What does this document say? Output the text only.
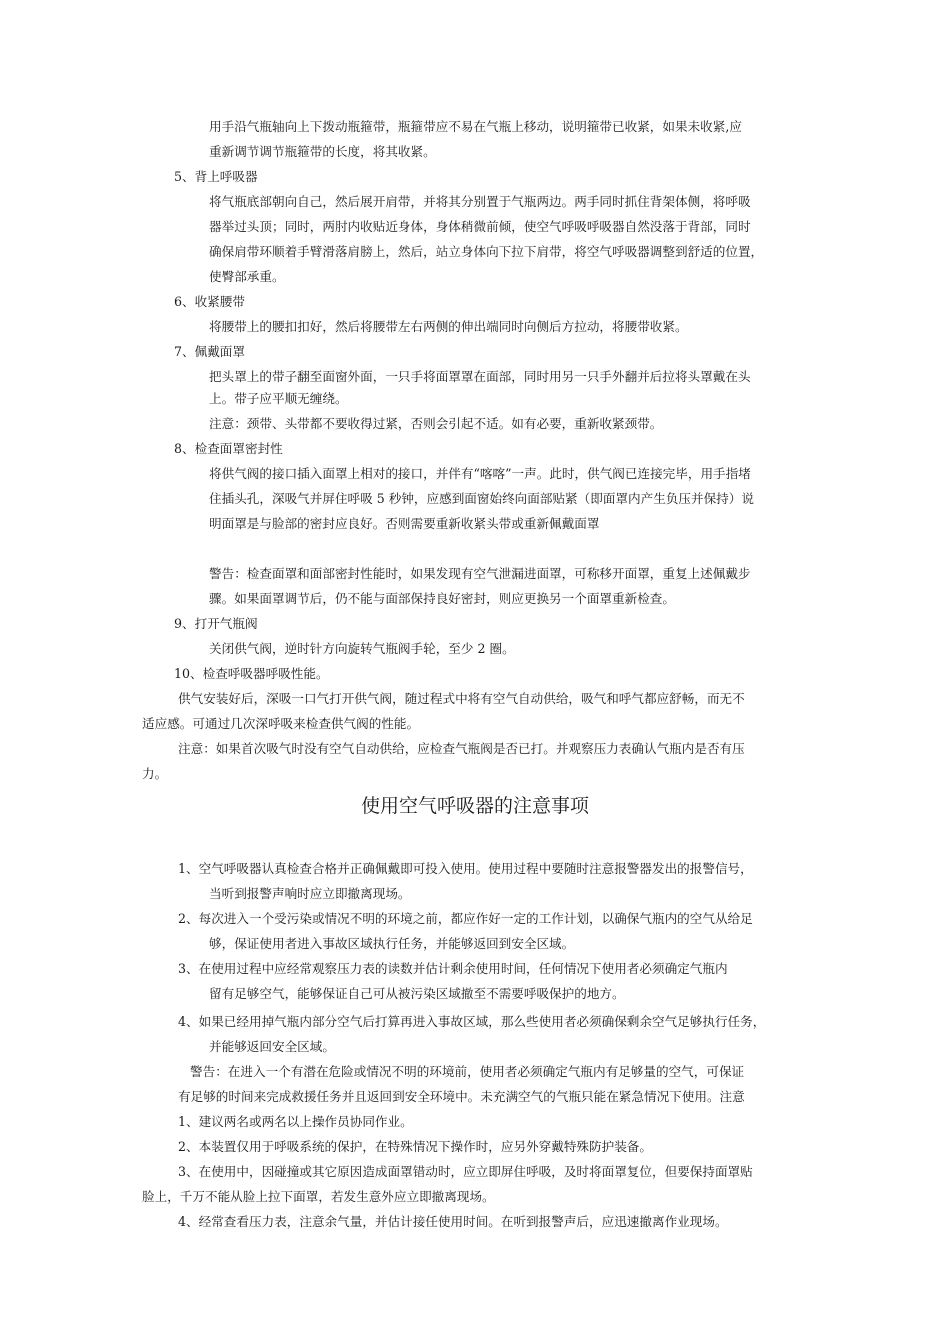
用手沿气瓶轴向上下拨动瓶箍带，瓶箍带应不易在气瓶上移动，说明箍带已收紧，如果未收紧,应
重新调节调节瓶箍带的长度，将其收紧。
5、背上呼吸器
将气瓶底部朝向自己，然后展开肩带，并将其分别置于气瓶两边。两手同时抓住背架体侧，将呼吸
器举过头顶；同时，两肘内收贴近身体，身体稍微前倾，使空气呼吸呼吸器自然没落于背部，同时
确保肩带环顺着手臂滑落肩膀上，然后，站立身体向下拉下肩带，将空气呼吸器调整到舒适的位置，
使臀部承重。
6、收紧腰带
将腰带上的腰扣扣好，然后将腰带左右两侧的伸出端同时向侧后方拉动，将腰带收紧。
7、佩戴面罩
把头罩上的带子翻至面窗外面，一只手将面罩罩在面部，同时用另一只手外翻并后拉将头罩戴在头
上。带子应平顺无缠绕。
注意：颈带、头带都不要收得过紧，否则会引起不适。如有必要，重新收紧颈带。
8、检查面罩密封性
将供气阀的接口插入面罩上相对的接口，并伴有“喀喀”一声。此时，供气阀已连接完毕，用手指堵
住插头孔，深吸气并屏住呼吸 5 秒钟，应感到面窗始终向面部贴紧（即面罩内产生负压并保持）说
明面罩是与脸部的密封应良好。否则需要重新收紧头带或重新佩戴面罩
警告：检查面罩和面部密封性能时，如果发现有空气泄漏进面罩，可称移开面罩，重复上述佩戴步
骤。如果面罩调节后，仍不能与面部保持良好密封，则应更换另一个面罩重新检查。
9、打开气瓶阀
关闭供气阀，逆时针方向旋转气瓶阀手轮，至少 2 圈。
10、检查呼吸器呼吸性能。
供气安装好后，深吸一口气打开供气阀，随过程式中将有空气自动供给，吸气和呼气都应舒畅，而无不
适应感。可通过几次深呼吸来检查供气阀的性能。
注意：如果首次吸气时没有空气自动供给，应检查气瓶阀是否已打。并观察压力表确认气瓶内是否有压
力。
使用空气呼吸器的注意事项
1、空气呼吸器认真检查合格并正确佩戴即可投入使用。使用过程中要随时注意报警器发出的报警信号，
当听到报警声响时应立即撤离现场。
2、每次进入一个受污染或情况不明的环境之前，都应作好一定的工作计划，以确保气瓶内的空气从给足
够，保证使用者进入事故区域执行任务，并能够返回到安全区域。
3、在使用过程中应经常观察压力表的读数并估计剩余使用时间，任何情况下使用者必须确定气瓶内
留有足够空气，能够保证自己可从被污染区域撤至不需要呼吸保护的地方。
4、如果已经用掉气瓶内部分空气后打算再进入事故区域，那么些使用者必须确保剩余空气足够执行任务，
并能够返回安全区域。
警告：在进入一个有潜在危险或情况不明的环境前，使用者必须确定气瓶内有足够量的空气，可保证
有足够的时间来完成救援任务并且返回到安全环境中。未充满空气的气瓶只能在紧急情况下使用。注意
1、建议两名或两名以上操作员协同作业。
2、本装置仅用于呼吸系统的保护，在特殊情况下操作时，应另外穿戴特殊防护装备。
3、在使用中，因碰撞或其它原因造成面罩错动时，应立即屏住呼吸，及时将面罩复位，但要保持面罩贴
脸上，千万不能从脸上拉下面罩，若发生意外应立即撤离现场。
4、经常查看压力表，注意余气量，并估计接任使用时间。在听到报警声后，应迅速撤离作业现场。
